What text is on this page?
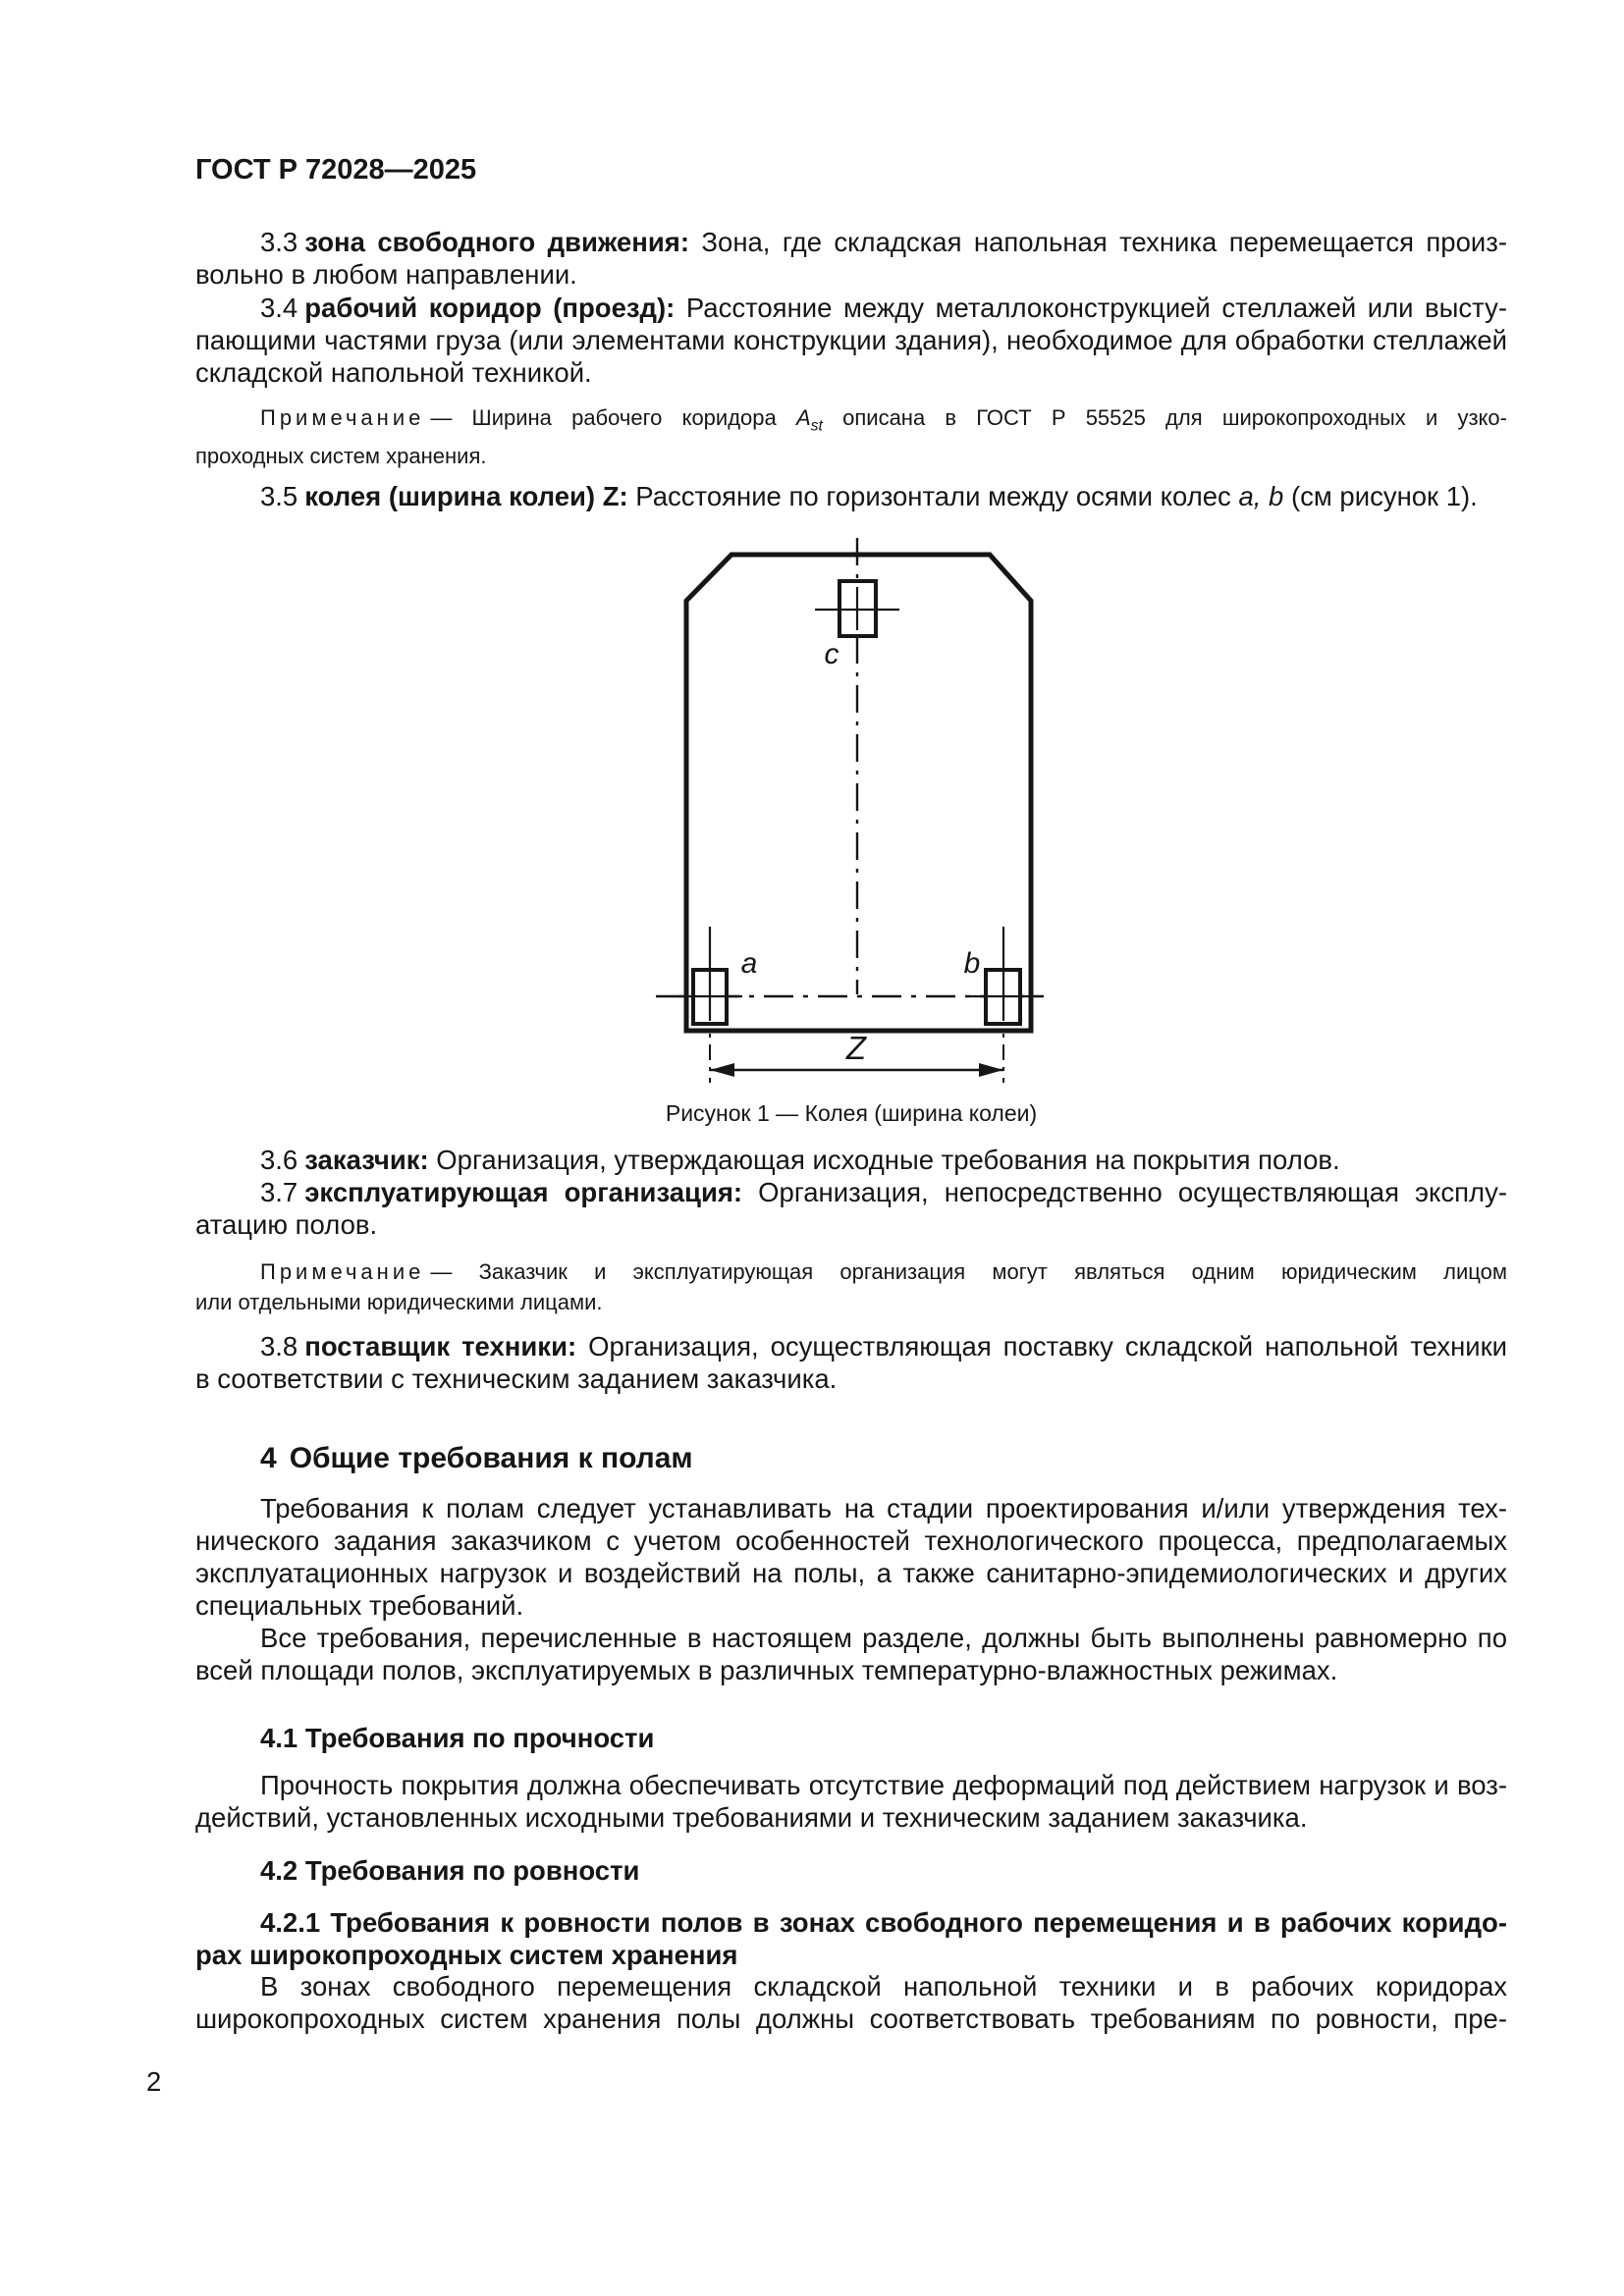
ГОСТ Р 72028—2025
3.3 зона свободного движения: Зона, где складская напольная техника перемещается произ-
вольно в любом направлении.
3.4 рабочий коридор (проезд): Расстояние между металлоконструкцией стеллажей или высту-
пающими частями груза (или элементами конструкции здания), необходимое для обработки стеллажей
складской напольной техникой.
Примечание — Ширина рабочего коридора $A_{st}$ описана в ГОСТ Р 55525 для широкопроходных и узко-
проходных систем хранения.
3.5 колея (ширина колеи) Z: Расстояние по горизонтали между осями колес a, b (см рисунок 1).
c
a	b
Z
Рисунок 1 — Колея (ширина колеи)
3.6 заказчик: Организация, утверждающая исходные требования на покрытия полов.
3.7 эксплуатирующая организация: Организация, непосредственно осуществляющая эксплу-
атацию полов.
Примечание — Заказчик и эксплуатирующая организация могут являться одним юридическим лицом
или отдельными юридическими лицами.
3.8 поставщик техники: Организация, осуществляющая поставку складской напольной техники
в соответствии с техническим заданием заказчика.
4 Общие требования к полам
Требования к полам следует устанавливать на стадии проектирования и/или утверждения тех-
нического задания заказчиком с учетом особенностей технологического процесса, предполагаемых
эксплуатационных нагрузок и воздействий на полы, а также санитарно-эпидемиологических и других
специальных требований.
Все требования, перечисленные в настоящем разделе, должны быть выполнены равномерно по
всей площади полов, эксплуатируемых в различных температурно-влажностных режимах.
4.1 Требования по прочности
Прочность покрытия должна обеспечивать отсутствие деформаций под действием нагрузок и воз-
действий, установленных исходными требованиями и техническим заданием заказчика.
4.2 Требования по ровности
4.2.1 Требования к ровности полов в зонах свободного перемещения и в рабочих коридо-
рах широкопроходных систем хранения
В зонах свободного перемещения складской напольной техники и в рабочих коридорах
широкопроходных систем хранения полы должны соответствовать требованиям по ровности, пре-
2
